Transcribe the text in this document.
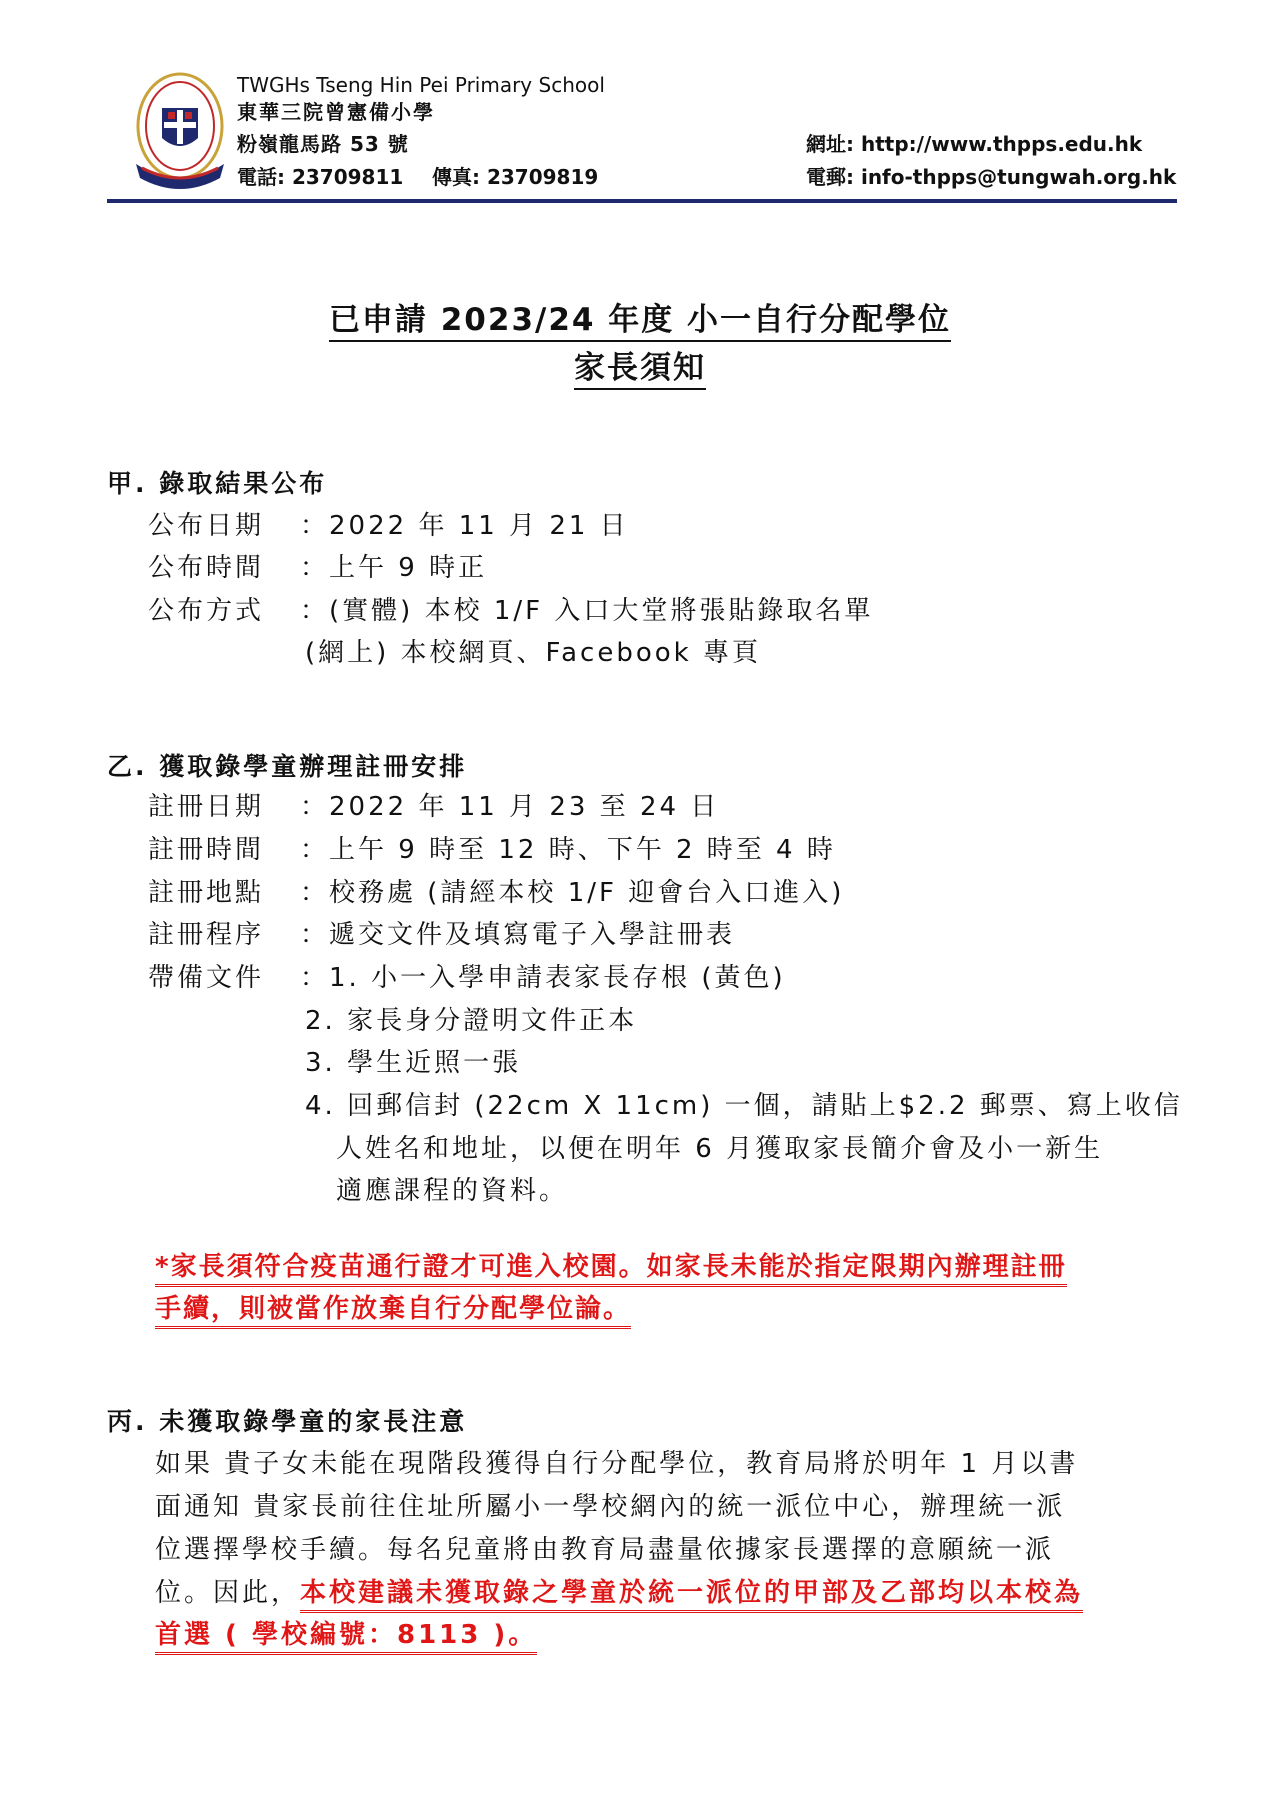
TWGHs Tseng Hin Pei Primary School
東華三院曾憲備小學
粉嶺龍馬路 53 號
電話: 23709811 傳真: 23709819
網址: http://www.thpps.edu.hk
電郵: info-thpps@tungwah.org.hk
已申請 2023/24 年度 小一自行分配學位
家長須知
甲. 錄取結果公布
公布日期 ：2022 年 11 月 21 日
公布時間 ：上午 9 時正
公布方式 ：(實體) 本校 1/F 入口大堂將張貼錄取名單
(網上) 本校網頁、Facebook 專頁
乙. 獲取錄學童辦理註冊安排
註冊日期 ：2022 年 11 月 23 至 24 日
註冊時間 ：上午 9 時至 12 時、下午 2 時至 4 時
註冊地點 ：校務處 (請經本校 1/F 迎會台入口進入)
註冊程序 ：遞交文件及填寫電子入學註冊表
帶備文件 ：1. 小一入學申請表家長存根 (黃色)
2. 家長身分證明文件正本
3. 學生近照一張
4. 回郵信封 (22cm X 11cm) 一個，請貼上$2.2 郵票、寫上收信
人姓名和地址，以便在明年 6 月獲取家長簡介會及小一新生
適應課程的資料。
*家長須符合疫苗通行證才可進入校園。如家長未能於指定限期內辦理註冊
手續，則被當作放棄自行分配學位論。
丙. 未獲取錄學童的家長注意
如果 貴子女未能在現階段獲得自行分配學位，教育局將於明年 1 月以書
面通知 貴家長前往住址所屬小一學校網內的統一派位中心，辦理統一派
位選擇學校手續。每名兒童將由教育局盡量依據家長選擇的意願統一派
位。因此，本校建議未獲取錄之學童於統一派位的甲部及乙部均以本校為
首選 ( 學校編號：8113 )。
